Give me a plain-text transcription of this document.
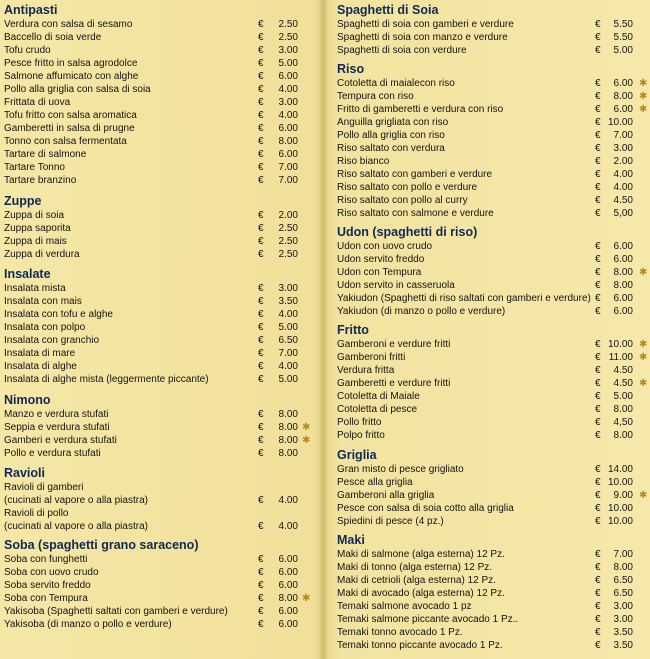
Antipasti
Verdura con salsa di sesamo	€	2.50
Baccello di soia verde	€	2.50
Tofu crudo	€	3.00
Pesce fritto in salsa agrodolce	€	5.00
Salmone affumicato con alghe	€	6.00
Pollo alla griglia con salsa di soia	€	4.00
Frittata di uova	€	3.00
Tofu fritto con salsa aromatica	€	4.00
Gamberetti in salsa di prugne	€	6.00
Tonno con salsa fermentata	€	8.00
Tartare di salmone	€	6.00
Tartare Tonno	€	7.00
Tartare branzino	€	7.00
Zuppe
Zuppa di soia	€	2.00
Zuppa saporita	€	2.50
Zuppa di mais	€	2.50
Zuppa di verdura	€	2.50
Insalate
Insalata mista	€	3.00
Insalata con mais	€	3.50
Insalata con tofu e alghe	€	4.00
Insalata con polpo	€	5.00
Insalata con granchio	€	6.50
Insalata di mare	€	7.00
Insalata di alghe	€	4.00
Insalata di alghe mista (leggermente piccante)	€	5.00
Nimono
Manzo e verdura stufati	€	8.00
Seppia e verdura stufati	€	8.00 ✱
Gamberi e verdura stufati	€	8.00 ✱
Pollo e verdura stufati	€	8.00
Ravioli
Ravioli di gamberi
(cucinati al vapore o alla piastra)	€	4.00
Ravioli di pollo
(cucinati al vapore o alla piastra)	€	4.00
Soba (spaghetti grano saraceno)
Soba con funghetti	€	6.00
Soba con uovo crudo	€	6.00
Soba servito freddo	€	6.00
Soba con Tempura	€	8.00 ✱
Yakisoba (Spaghetti saltati con gamberi e verdure)	€	6.00
Yakisoba (di manzo o pollo e verdure)	€	6.00
Spaghetti di Soia
Spaghetti di soia con gamberi e verdure	€	5.50
Spaghetti di soia con manzo e verdure	€	5.50
Spaghetti di soia con verdure	€	5.00
Riso
Cotoletta di maialecon riso	€	6.00 ✱
Tempura con riso	€	8.00 ✱
Fritto di gamberetti e verdura con riso	€	6.00 ✱
Anguilla grigliata con riso	€ 10.00
Pollo alla griglia con riso	€	7.00
Riso saltato con verdura	€	3.00
Riso bianco	€	2.00
Riso saltato con gamberi e verdure	€	4.00
Riso saltato con pollo e verdure	€	4.00
Riso saltato con pollo al curry	€	4.50
Riso saltato con salmone e verdure	€	5,00
Udon (spaghetti di riso)
Udon con uovo crudo	€	6.00
Udon servito freddo	€	6.00
Udon con Tempura	€	8.00 ✱
Udon servito in casseruola	€	8.00
Yakiudon (Spaghetti di riso saltati con gamberi e verdure) €	6.00
Yakiudon (di manzo o pollo e verdure)	€	6.00
Fritto
Gamberoni e verdure fritti	€ 10.00 ✱
Gamberoni fritti	€ 11.00 ✱
Verdura fritta	€	4.50
Gamberetti e verdure fritti	€	4.50 ✱
Cotoletta di Maiale	€	5.00
Cotoletta di pesce	€	8.00
Pollo fritto	€	4,50
Polpo fritto	€	8.00
Griglia
Gran misto di pesce grigliato	€ 14.00
Pesce alla griglia	€ 10.00
Gamberoni alla griglia	€	9.00 ✱
Pesce con salsa di soia cotto alla griglia	€ 10.00
Spiedini di pesce (4 pz.)	€ 10.00
Maki
Maki di salmone (alga esterna) 12 Pz.	€	7.00
Maki di tonno (alga esterna) 12 Pz.	€	8.00
Maki di cetrioli (alga esterna) 12 Pz.	€	6.50
Maki di avocado (alga esterna) 12 Pz.	€	6.50
Temaki salmone avocado 1 pz	€	3.00
Temaki salmone piccante avocado 1 Pz..	€	3.00
Temaki tonno avocado 1 Pz.	€	3.50
Temaki tonno piccante avocado 1 Pz.	€	3.50
